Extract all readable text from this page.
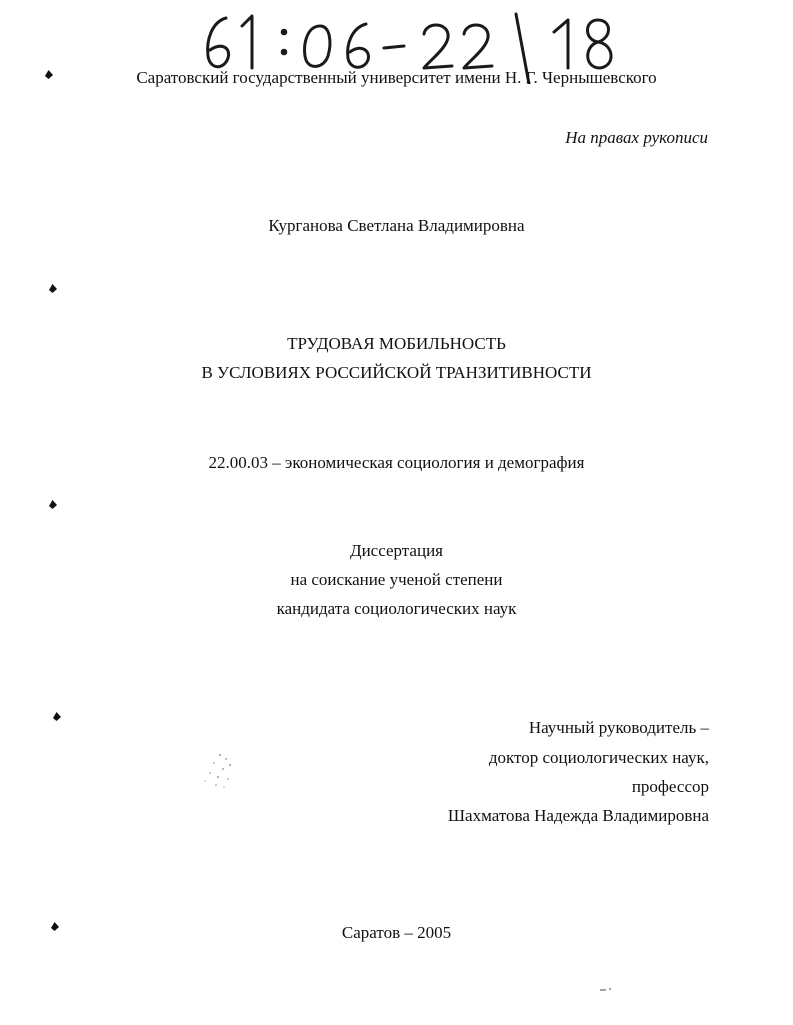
Саратовский государственный университет имени Н. Г. Чернышевского
На правах рукописи
Курганова Светлана Владимировна
ТРУДОВАЯ МОБИЛЬНОСТЬ
В УСЛОВИЯХ РОССИЙСКОЙ ТРАНЗИТИВНОСТИ
22.00.03 – экономическая социология и демография
Диссертация
на соискание ученой степени
кандидата социологических наук
Научный руководитель –
доктор социологических наук,
профессор
Шахматова Надежда Владимировна
Саратов – 2005
